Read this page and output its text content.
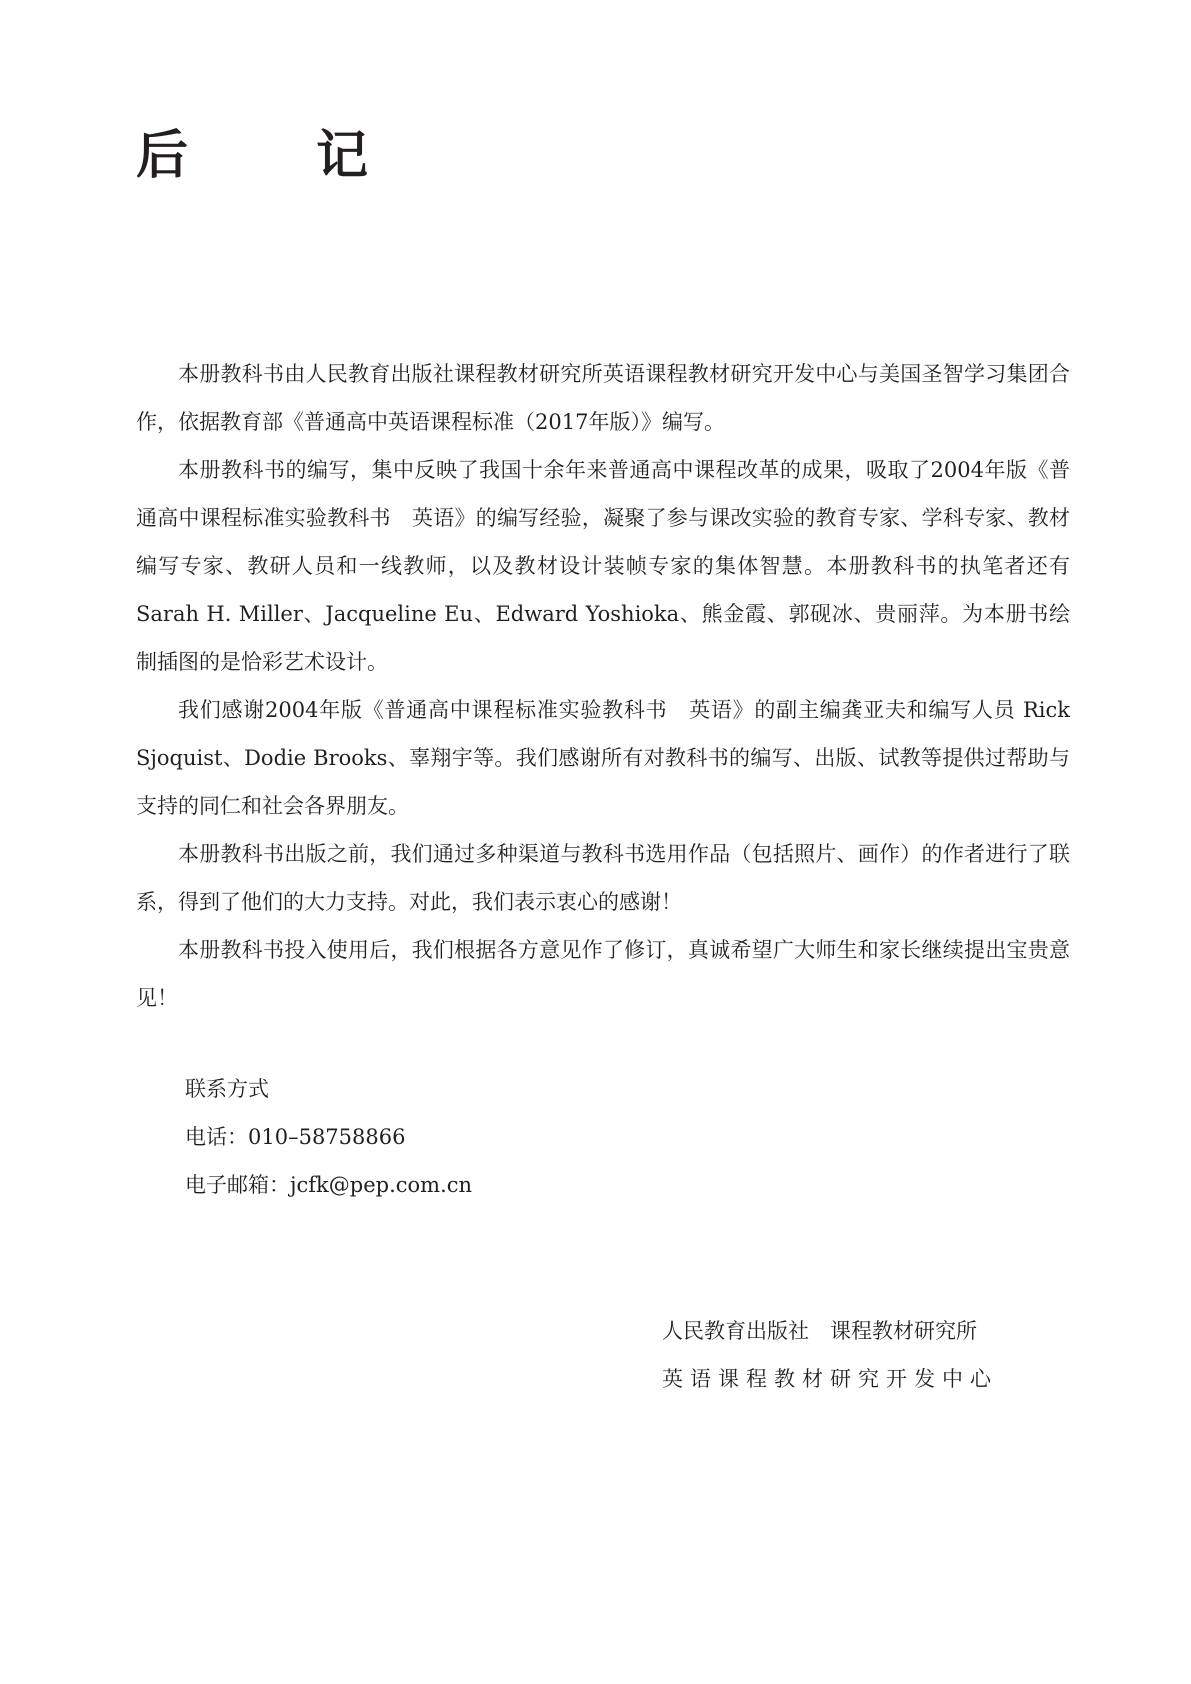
后　记

本册教科书由人民教育出版社课程教材研究所英语课程教材研究开发中心与美国圣智学习集团合作，依据教育部《普通高中英语课程标准（2017年版）》编写。

本册教科书的编写，集中反映了我国十余年来普通高中课程改革的成果，吸取了2004年版《普通高中课程标准实验教科书　英语》的编写经验，凝聚了参与课改实验的教育专家、学科专家、教材编写专家、教研人员和一线教师，以及教材设计装帧专家的集体智慧。本册教科书的执笔者还有Sarah H. Miller、Jacqueline Eu、Edward Yoshioka、熊金霞、郭砚冰、贵丽萍。为本册书绘制插图的是恰彩艺术设计。

我们感谢2004年版《普通高中课程标准实验教科书　英语》的副主编龚亚夫和编写人员 Rick Sjoquist、Dodie Brooks、辜翔宇等。我们感谢所有对教科书的编写、出版、试教等提供过帮助与支持的同仁和社会各界朋友。

本册教科书出版之前，我们通过多种渠道与教科书选用作品（包括照片、画作）的作者进行了联系，得到了他们的大力支持。对此，我们表示衷心的感谢！

本册教科书投入使用后，我们根据各方意见作了修订，真诚希望广大师生和家长继续提出宝贵意见！

联系方式
电话：010–58758866
电子邮箱：jcfk@pep.com.cn
人民教育出版社　课程教材研究所
英语课程教材研究开发中心
